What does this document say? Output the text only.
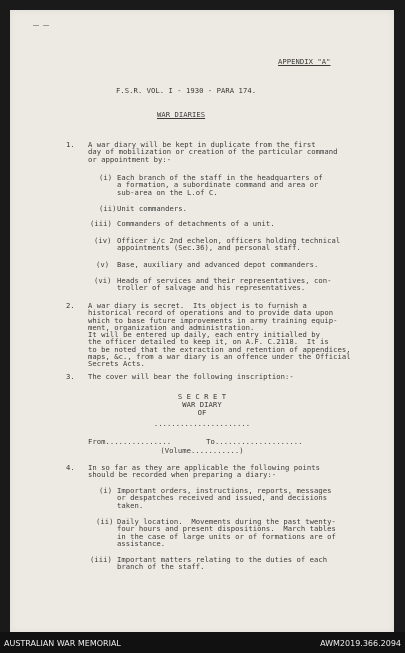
APPENDIX "A"
F.S.R. VOL. I - 1930 - PARA 174.
WAR DIARIES
1. A war diary will be kept in duplicate from the first
day of mobilization or creation of the particular command
or appointment by:-
(i) Each branch of the staff in the headquarters of
a formation, a subordinate command and area or
sub-area on the L.of C.
(ii) Unit commanders.
(iii) Commanders of detachments of a unit.
(iv) Officer i/c 2nd echelon, officers holding technical
appointments (Sec.36), and personal staff.
(v) Base, auxiliary and advanced depot commanders.
(vi) Heads of services and their representatives, con-
troller of salvage and his representatives.
2. A war diary is secret.  Its object is to furnish a
historical record of operations and to provide data upon
which to base future improvements in army training equip-
ment, organization and administration.
It will be entered up daily, each entry initialled by
the officer detailed to keep it, on A.F. C.2118.  It is
to be noted that the extraction and retention of appendices,
maps, &c., from a war diary is an offence under the Official
Secrets Acts.
3. The cover will bear the following inscription:-
S E C R E T
WAR DIARY
OF
......................
From...............        To....................
(Volume...........)
4. In so far as they are applicable the following points
should be recorded when preparing a diary:-
(i) Important orders, instructions, reports, messages
or despatches received and issued, and decisions
taken.
(ii) Daily location.  Movements during the past twenty-
four hours and present dispositions.  March tables
in the case of large units or of formations are of
assistance.
(iii) Important matters relating to the duties of each
branch of the staff.
AUSTRALIAN WAR MEMORIAL	AWM2019.366.2094
